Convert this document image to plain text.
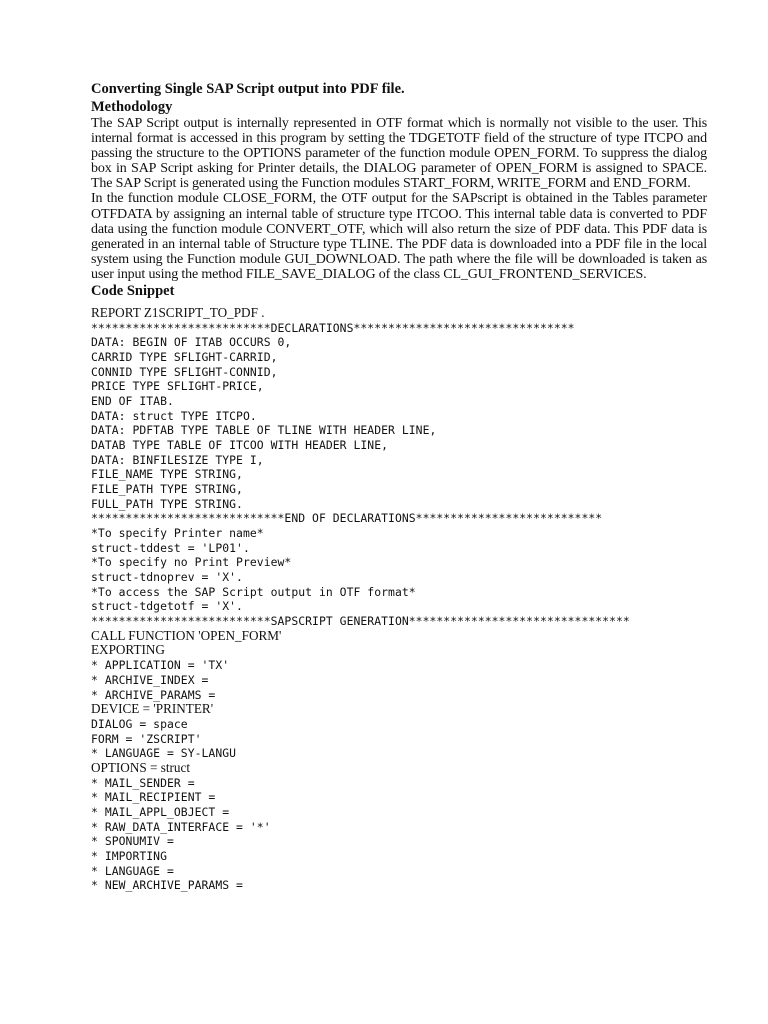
Converting Single SAP Script output into PDF file.

Methodology

The SAP Script output is internally represented in OTF format which is normally not visible to the user. This internal format is accessed in this program by setting the TDGETOTF field of the structure of type ITCPO and passing the structure to the OPTIONS parameter of the function module OPEN_FORM. To suppress the dialog box in SAP Script asking for Printer details, the DIALOG parameter of OPEN_FORM is assigned to SPACE. The SAP Script is generated using the Function modules START_FORM, WRITE_FORM and END_FORM.

In the function module CLOSE_FORM, the OTF output for the SAPscript is obtained in the Tables parameter OTFDATA by assigning an internal table of structure type ITCOO. This internal table data is converted to PDF data using the function module CONVERT_OTF, which will also return the size of PDF data. This PDF data is generated in an internal table of Structure type TLINE. The PDF data is downloaded into a PDF file in the local system using the Function module GUI_DOWNLOAD. The path where the file will be downloaded is taken as user input using the method FILE_SAVE_DIALOG of the class CL_GUI_FRONTEND_SERVICES.

Code Snippet

REPORT Z1SCRIPT_TO_PDF .
**************************DECLARATIONS********************************
DATA: BEGIN OF ITAB OCCURS 0,
CARRID TYPE SFLIGHT-CARRID,
CONNID TYPE SFLIGHT-CONNID,
PRICE TYPE SFLIGHT-PRICE,
END OF ITAB.
DATA: struct TYPE ITCPO.
DATA: PDFTAB TYPE TABLE OF TLINE WITH HEADER LINE,
DATAB TYPE TABLE OF ITCOO WITH HEADER LINE,
DATA: BINFILESIZE TYPE I,
FILE_NAME TYPE STRING,
FILE_PATH TYPE STRING,
FULL_PATH TYPE STRING.
****************************END OF DECLARATIONS***************************
*To specify Printer name*
struct-tddest = 'LP01'.
*To specify no Print Preview*
struct-tdnoprev = 'X'.
*To access the SAP Script output in OTF format*
struct-tdgetotf = 'X'.
**************************SAPSCRIPT GENERATION********************************
CALL FUNCTION 'OPEN_FORM'
EXPORTING
* APPLICATION = 'TX'
* ARCHIVE_INDEX =
* ARCHIVE_PARAMS =
DEVICE = 'PRINTER'
DIALOG = space
FORM = 'ZSCRIPT'
* LANGUAGE = SY-LANGU
OPTIONS = struct
* MAIL_SENDER =
* MAIL_RECIPIENT =
* MAIL_APPL_OBJECT =
* RAW_DATA_INTERFACE = '*'
* SPONUMIV =
* IMPORTING
* LANGUAGE =
* NEW_ARCHIVE_PARAMS =
